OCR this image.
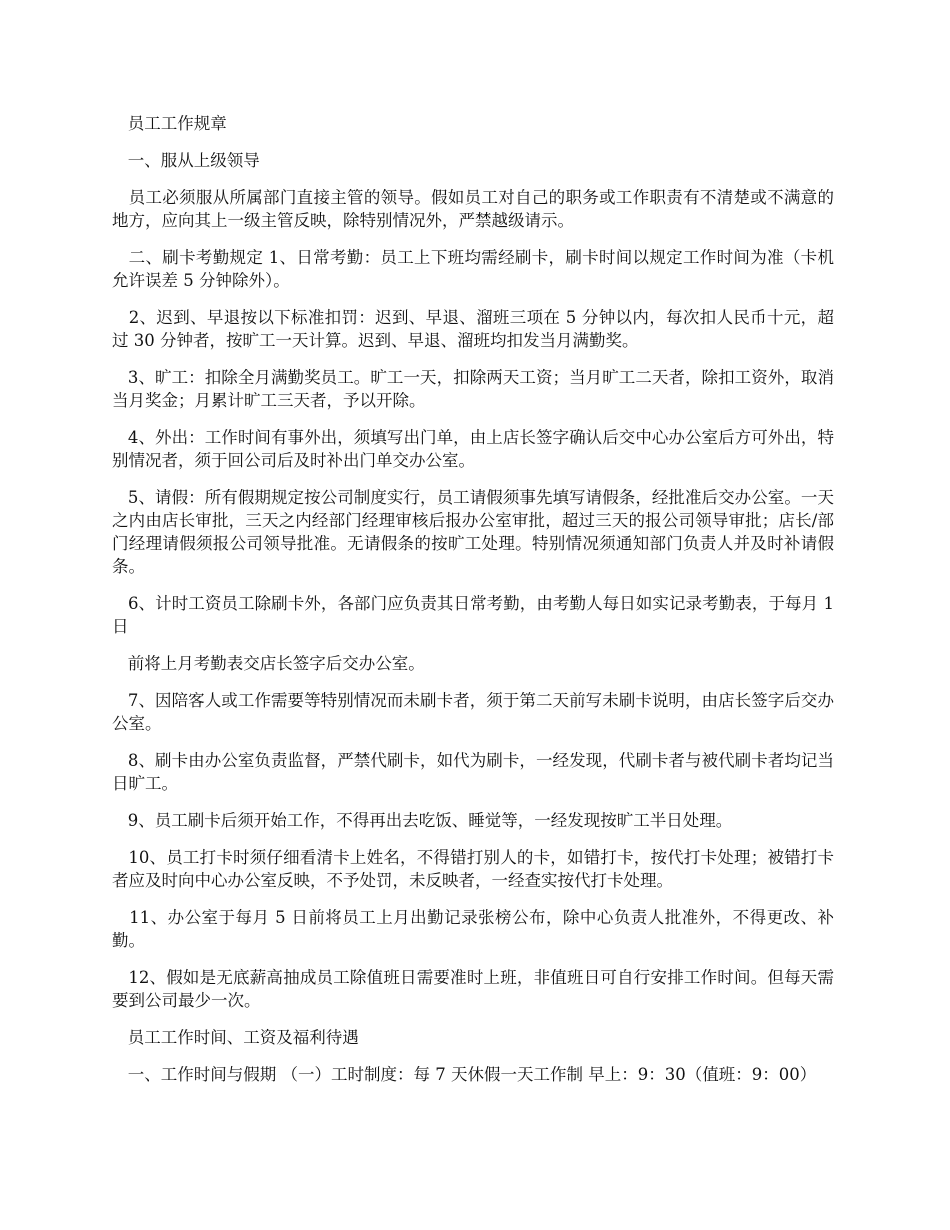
员工工作规章

一、服从上级领导

员工必须服从所属部门直接主管的领导。假如员工对自己的职务或工作职责有不清楚或不满意的地方，应向其上一级主管反映，除特别情况外，严禁越级请示。

二、刷卡考勤规定 1、日常考勤：员工上下班均需经刷卡，刷卡时间以规定工作时间为准（卡机允许误差 5 分钟除外）。

2、迟到、早退按以下标准扣罚：迟到、早退、溜班三项在 5 分钟以内，每次扣人民币十元，超过 30 分钟者，按旷工一天计算。迟到、早退、溜班均扣发当月满勤奖。

3、旷工：扣除全月满勤奖员工。旷工一天，扣除两天工资；当月旷工二天者，除扣工资外，取消当月奖金；月累计旷工三天者，予以开除。

4、外出：工作时间有事外出，须填写出门单，由上店长签字确认后交中心办公室后方可外出，特别情况者，须于回公司后及时补出门单交办公室。

5、请假：所有假期规定按公司制度实行，员工请假须事先填写请假条，经批准后交办公室。一天之内由店长审批，三天之内经部门经理审核后报办公室审批，超过三天的报公司领导审批；店长/部门经理请假须报公司领导批准。无请假条的按旷工处理。特别情况须通知部门负责人并及时补请假条。

6、计时工资员工除刷卡外，各部门应负责其日常考勤，由考勤人每日如实记录考勤表，于每月 1 日

前将上月考勤表交店长签字后交办公室。

7、因陪客人或工作需要等特别情况而未刷卡者，须于第二天前写未刷卡说明，由店长签字后交办公室。

8、刷卡由办公室负责监督，严禁代刷卡，如代为刷卡，一经发现，代刷卡者与被代刷卡者均记当日旷工。

9、员工刷卡后须开始工作，不得再出去吃饭、睡觉等，一经发现按旷工半日处理。

10、员工打卡时须仔细看清卡上姓名，不得错打别人的卡，如错打卡，按代打卡处理；被错打卡者应及时向中心办公室反映，不予处罚，未反映者，一经查实按代打卡处理。

11、办公室于每月 5 日前将员工上月出勤记录张榜公布，除中心负责人批准外，不得更改、补勤。

12、假如是无底薪高抽成员工除值班日需要准时上班，非值班日可自行安排工作时间。但每天需要到公司最少一次。

员工工作时间、工资及福利待遇

一、工作时间与假期 （一）工时制度：每 7 天休假一天工作制 早上：9：30（值班：9：00）
